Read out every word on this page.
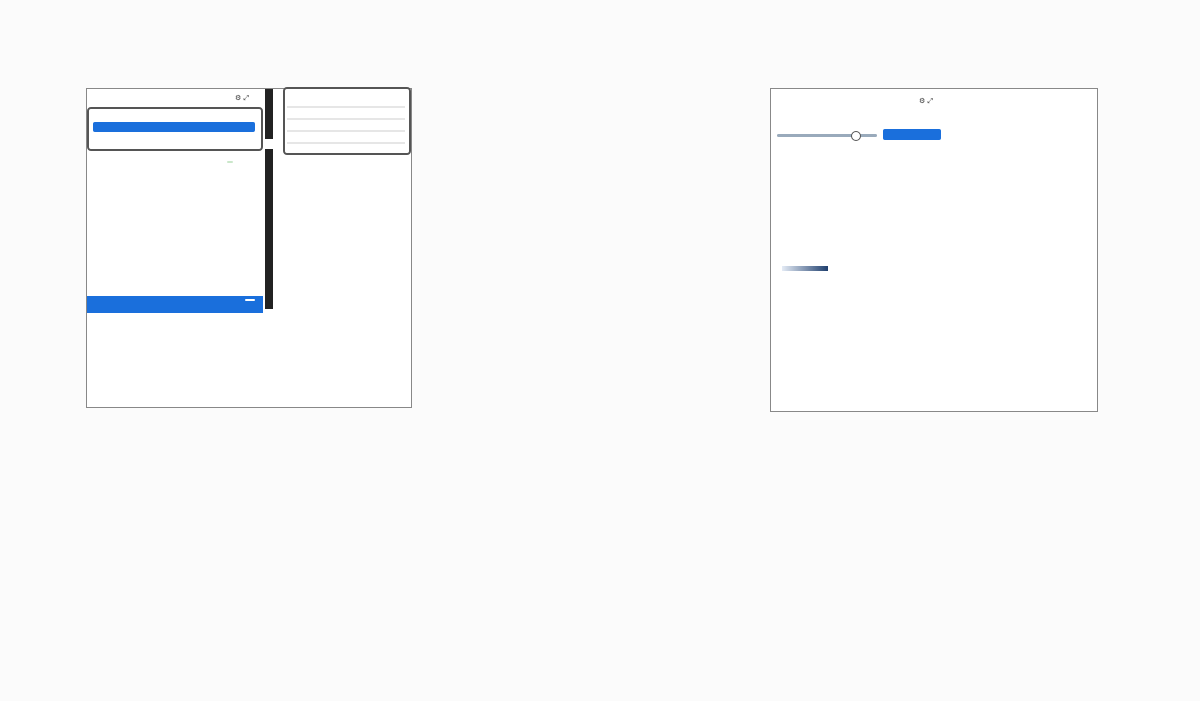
⚙ ⤢	⚙ ⤢
